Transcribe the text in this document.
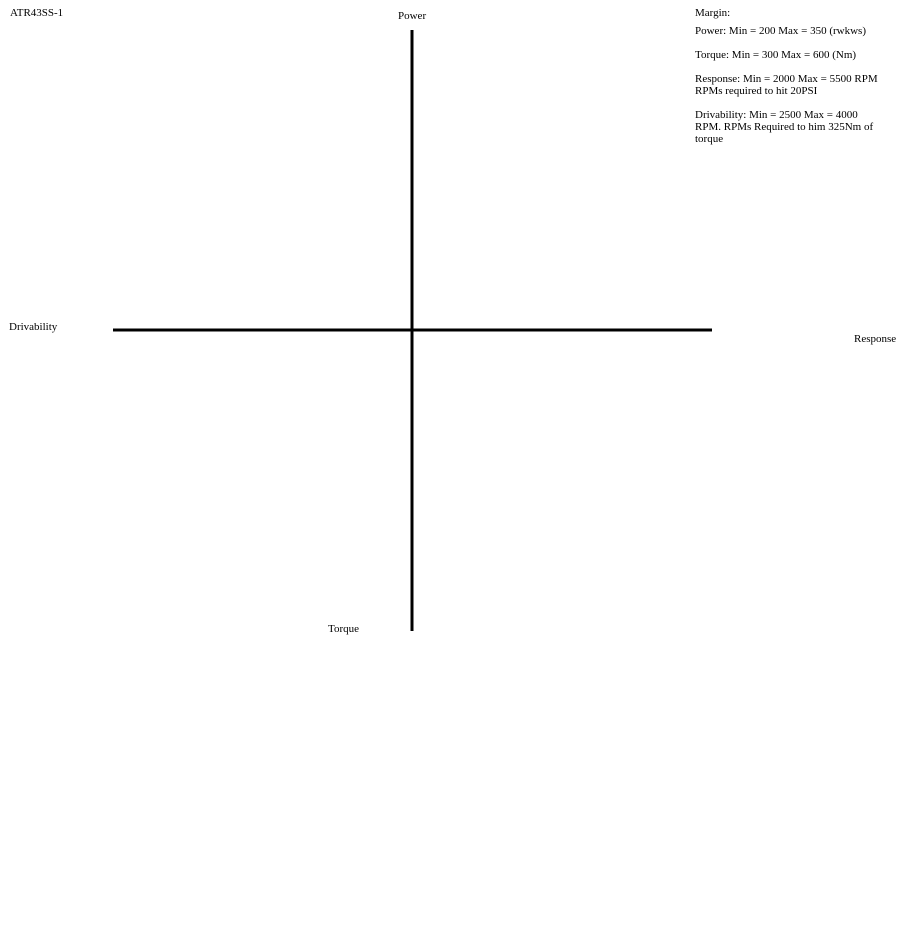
ATR43SS-1	Power
Drivability
Response
Torque
Margin:
Power: Min = 200 Max = 350 (rwkws)
Torque: Min = 300 Max = 600 (Nm)
Response: Min = 2000 Max = 5500 RPM
RPMs required to hit 20PSI
Drivability: Min = 2500 Max = 4000
RPM. RPMs Required to him 325Nm of
torque
